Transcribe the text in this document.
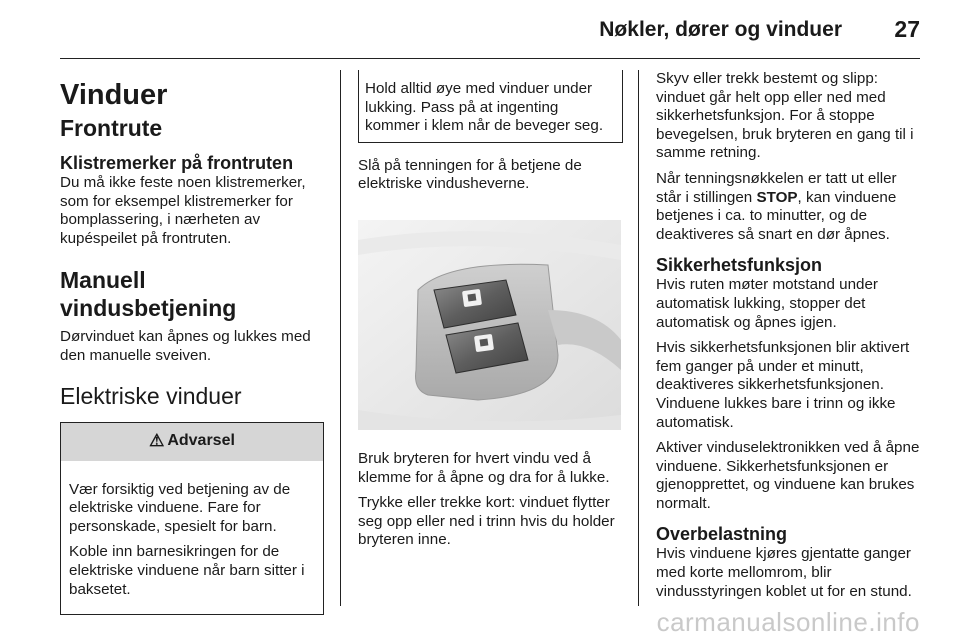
Nøkler, dører og vinduer 27
Vinduer
Frontrute
Klistremerker på frontruten

Du må ikke feste noen klistremerker, som for eksempel klistremerker for bomplassering, i nærheten av kupéspeilet på frontruten.

Manuell vindusbetjening

Dørvinduet kan åpnes og lukkes med den manuelle sveiven.

Elektriske vinduer
⚠ Advarsel

Vær forsiktig ved betjening av de elektriske vinduene. Fare for personskade, spesielt for barn.

Koble inn barnesikringen for de elektriske vinduene når barn sitter i baksetet.

Hold alltid øye med vinduer under lukking. Pass på at ingenting kommer i klem når de beveger seg.

Slå på tenningen for å betjene de elektriske vindusheverne.

Bruk bryteren for hvert vindu ved å klemme for å åpne og dra for å lukke.

Trykke eller trekke kort: vinduet flytter seg opp eller ned i trinn hvis du holder bryteren inne.

Skyv eller trekk bestemt og slipp: vinduet går helt opp eller ned med sikkerhetsfunksjon. For å stoppe bevegelsen, bruk bryteren en gang til i samme retning.

Når tenningsnøkkelen er tatt ut eller står i stillingen STOP, kan vinduene betjenes i ca. to minutter, og de deaktiveres så snart en dør åpnes.

Sikkerhetsfunksjon

Hvis ruten møter motstand under automatisk lukking, stopper det automatisk og åpnes igjen.

Hvis sikkerhetsfunksjonen blir aktivert fem ganger på under et minutt, deaktiveres sikkerhetsfunksjonen. Vinduene lukkes bare i trinn og ikke automatisk.

Aktiver vinduselektronikken ved å åpne vinduene. Sikkerhetsfunksjonen er gjenopprettet, og vinduene kan brukes normalt.

Overbelastning

Hvis vinduene kjøres gjentatte ganger med korte mellomrom, blir vindusstyringen koblet ut for en stund.

carmanualsonline.info
